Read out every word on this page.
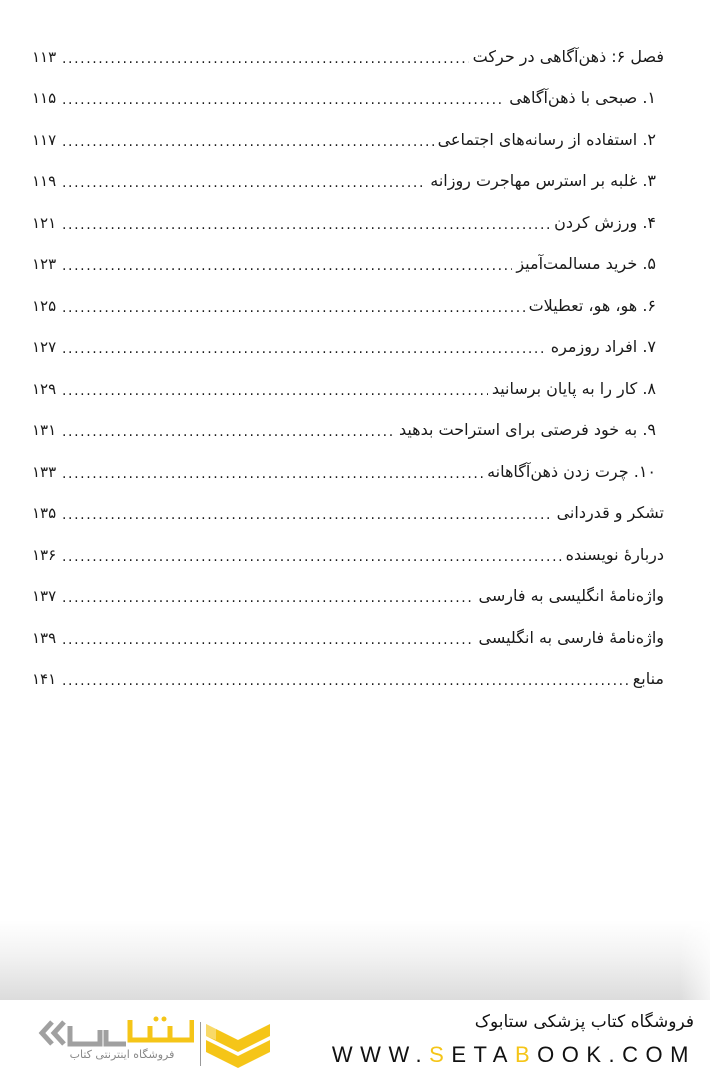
فصل ۶: ذهن‌آگاهی در حرکت
.....
۱۱۳
۱. صبحی با ذهن‌آگاهی
.....
۱۱۵
۲. استفاده از رسانه‌های اجتماعی
.....
۱۱۷
۳. غلبه بر استرس مهاجرت روزانه
.....
۱۱۹
۴. ورزش کردن
.....
۱۲۱
۵. خرید مسالمت‌آمیز
.....
۱۲۳
۶. هو، هو، تعطیلات
.....
۱۲۵
۷. افراد روزمره
.....
۱۲۷
۸. کار را به پایان برسانید
.....
۱۲۹
۹. به خود فرصتی برای استراحت بدهید
.....
۱۳۱
۱۰. چرت زدن ذهن‌آگاهانه
.....
۱۳۳
تشکر و قدردانی
.....
۱۳۵
دربارهٔ نویسنده
.....
۱۳۶
واژه‌نامهٔ انگلیسی به فارسی
.....
۱۳۷
واژه‌نامهٔ فارسی به انگلیسی
.....
۱۳۹
منابع
.....
۱۴۱
فروشگاه کتاب پزشکی ستابوک
WWW.SETABOOK.COM
فروشگاه اینترنتی کتاب
